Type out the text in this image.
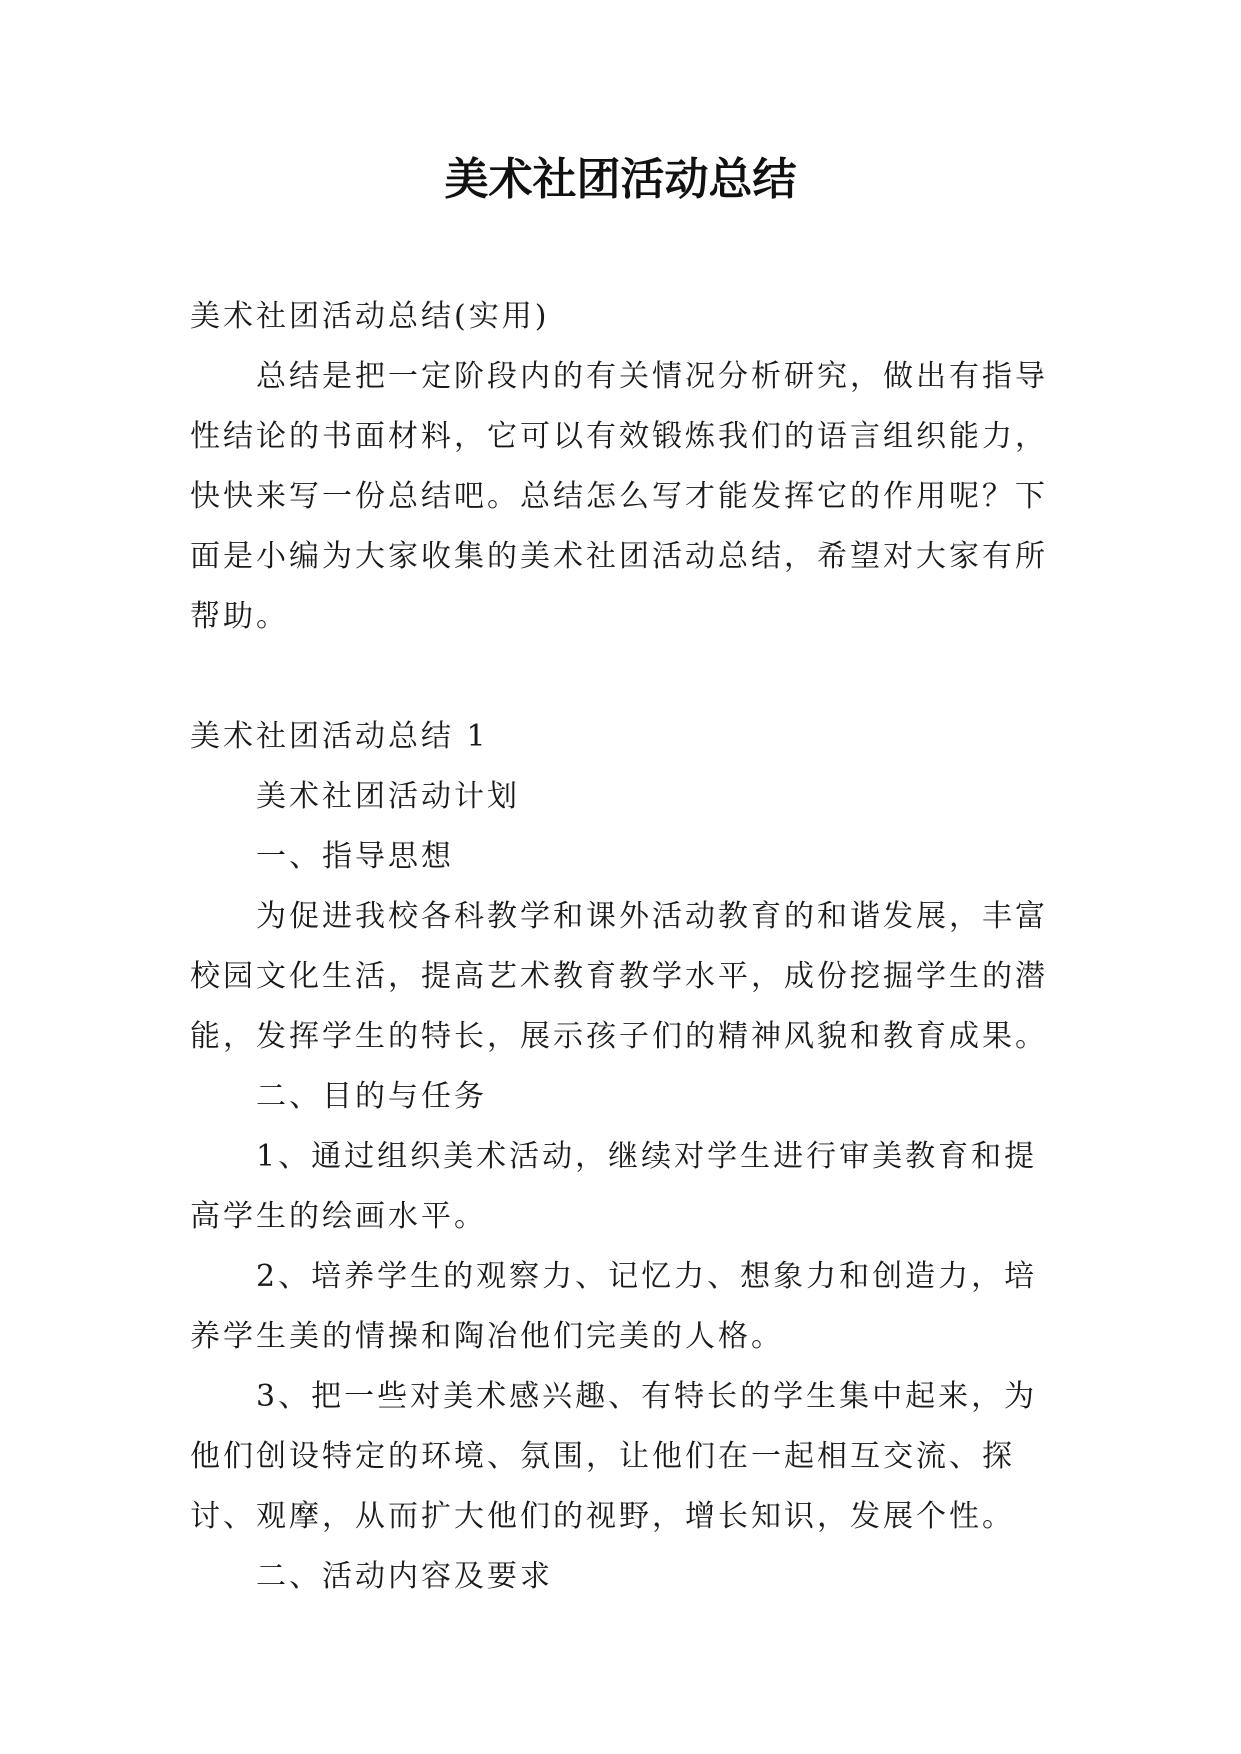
美术社团活动总结

美术社团活动总结(实用)

总结是把一定阶段内的有关情况分析研究，做出有指导性结论的书面材料，它可以有效锻炼我们的语言组织能力，快快来写一份总结吧。总结怎么写才能发挥它的作用呢？下面是小编为大家收集的美术社团活动总结，希望对大家有所帮助。

美术社团活动总结 1

美术社团活动计划

一、指导思想

为促进我校各科教学和课外活动教育的和谐发展，丰富校园文化生活，提高艺术教育教学水平，成份挖掘学生的潜能，发挥学生的特长，展示孩子们的精神风貌和教育成果。

二、目的与任务

1、通过组织美术活动，继续对学生进行审美教育和提高学生的绘画水平。

2、培养学生的观察力、记忆力、想象力和创造力，培养学生美的情操和陶冶他们完美的人格。

3、把一些对美术感兴趣、有特长的学生集中起来，为他们创设特定的环境、氛围，让他们在一起相互交流、探讨、观摩，从而扩大他们的视野，增长知识，发展个性。

二、活动内容及要求
